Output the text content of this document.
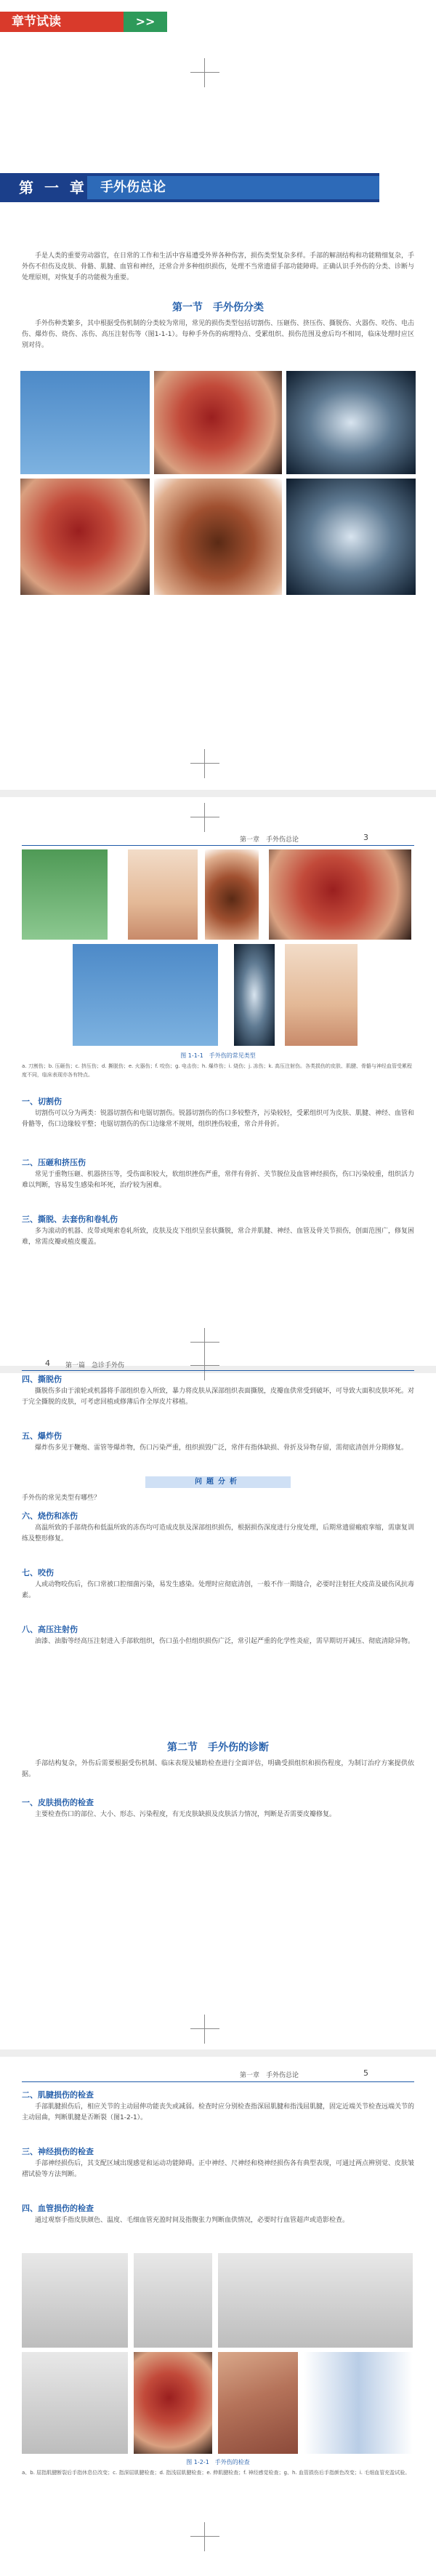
章节试读	>>
第 一 章	手外伤总论
手是人类的重要劳动器官，在日常的工作和生活中容易遭受外界各种伤害，损伤类型复杂多样。手部的解剖结构和功能精细复杂，手外伤不但伤及皮肤、骨骼、肌腱、血管和神经，还常合并多种组织损伤，处理不当常遗留手部功能障碍。正确认识手外伤的分类、诊断与处理原则，对恢复手的功能极为重要。
第一节　手外伤分类
手外伤种类繁多，其中根据受伤机制的分类较为常用，常见的损伤类型包括切割伤、压砸伤、挤压伤、撕脱伤、火器伤、咬伤、电击伤、爆炸伤、烧伤、冻伤、高压注射伤等（图1-1-1）。每种手外伤的病理特点、受累组织、损伤范围及愈后均不相同，临床处理时应区别对待。
第一章　手外伤总论	3
图 1-1-1　手外伤的常见类型
a. 刀割伤；b. 压砸伤；c. 挤压伤；d. 撕脱伤；e. 火器伤；f. 咬伤；g. 电击伤；h. 爆炸伤；i. 烧伤；j. 冻伤；k. 高压注射伤。各类损伤的皮肤、肌腱、骨骼与神经血管受累程度不同，临床表现亦各有特点。
一、切割伤
切割伤可以分为两类：锐器切割伤和电锯切割伤。锐器切割伤的伤口多较整齐，污染较轻，受累组织可为皮肤、肌腱、神经、血管和骨骼等，伤口边缘较平整；电锯切割伤的伤口边缘常不规则，组织挫伤较重，常合并骨折。
二、压砸和挤压伤
常见于重物压砸、机器挤压等，受伤面积较大，软组织挫伤严重，常伴有骨折、关节脱位及血管神经损伤，伤口污染较重，组织活力难以判断，容易发生感染和坏死，治疗较为困难。
三、撕脱、去套伤和卷轧伤
多为滚动的机器、皮带或绳索卷轧所致，皮肤及皮下组织呈套状撕脱，常合并肌腱、神经、血管及骨关节损伤，创面范围广，修复困难，常需皮瓣或植皮覆盖。
4 第一篇　急诊手外伤
四、撕脱伤
撕脱伤多由于滚轮或机器将手部组织卷入所致，暴力将皮肤从深部组织表面撕脱，皮瓣血供常受到破坏，可导致大面积皮肤坏死。对于完全撕脱的皮肤，可考虑回植或修薄后作全厚皮片移植。
五、爆炸伤
爆炸伤多见于鞭炮、雷管等爆炸物，伤口污染严重，组织损毁广泛，常伴有指体缺损、骨折及异物存留，需彻底清创并分期修复。
问题分析
手外伤的常见类型有哪些？
六、烧伤和冻伤
高温所致的手部烧伤和低温所致的冻伤均可造成皮肤及深部组织损伤，根据损伤深度进行分度处理，后期常遗留瘢痕挛缩，需康复训练及整形修复。
七、咬伤
人或动物咬伤后，伤口常被口腔细菌污染，易发生感染。处理时应彻底清创，一般不作一期缝合，必要时注射狂犬疫苗及破伤风抗毒素。
八、高压注射伤
油漆、油脂等经高压注射进入手部软组织，伤口虽小但组织损伤广泛，常引起严重的化学性炎症，需早期切开减压、彻底清除异物。
第二节　手外伤的诊断
手部结构复杂，外伤后需要根据受伤机制、临床表现及辅助检查进行全面评估，明确受损组织和损伤程度，为制订治疗方案提供依据。
一、皮肤损伤的检查
主要检查伤口的部位、大小、形态、污染程度，有无皮肤缺损及皮肤活力情况，判断是否需要皮瓣修复。
第一章　手外伤总论	5
二、肌腱损伤的检查
手部肌腱损伤后，相应关节的主动屈伸功能丧失或减弱。检查时应分别检查指深屈肌腱和指浅屈肌腱，固定近端关节检查远端关节的主动屈曲，判断肌腱是否断裂（图1-2-1）。
三、神经损伤的检查
手部神经损伤后，其支配区域出现感觉和运动功能障碍。正中神经、尺神经和桡神经损伤各有典型表现，可通过两点辨别觉、皮肤皱褶试验等方法判断。
四、血管损伤的检查
通过观察手指皮肤颜色、温度、毛细血管充盈时间及指腹张力判断血供情况，必要时行血管超声或造影检查。
图 1-2-1　手外伤的检查
a、b. 屈指肌腱断裂后手指休息位改变；c. 指深屈肌腱检查；d. 指浅屈肌腱检查；e. 伸肌腱检查；f. 神经感觉检查；g、h. 血管损伤后手指颜色改变；i. 毛细血管充盈试验。
